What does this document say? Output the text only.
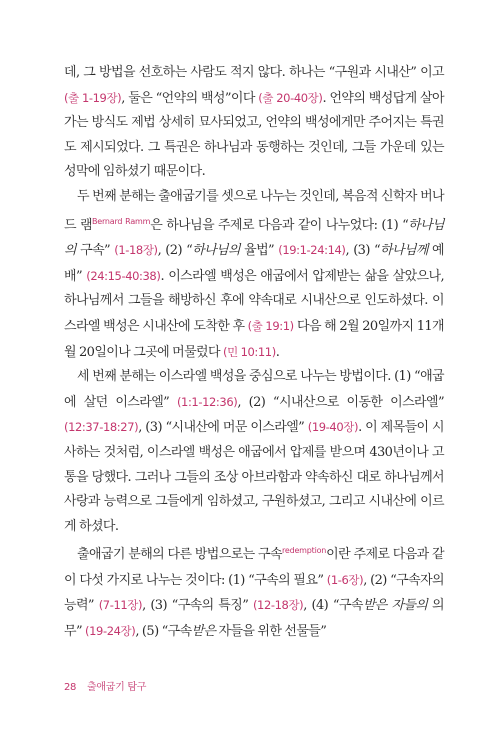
데, 그 방법을 선호하는 사람도 적지 않다. 하나는 “구원과 시내산” 이고(출 1-19장), 둘은 “언약의 백성”이다 (출 20-40장). 언약의 백성답게 살아가는 방식도 제법 상세히 묘사되었고, 언약의 백성에게만 주어지는 특권도 제시되었다. 그 특권은 하나님과 동행하는 것인데, 그들 가운데 있는 성막에 임하셨기 때문이다.

두 번째 분해는 출애굽기를 셋으로 나누는 것인데, 복음적 신학자 버나드 램$^{Bernard Ramm}$은 하나님을 주제로 다음과 같이 나누었다: (1) “하나님의 구속” (1-18장), (2) “하나님의 율법” (19:1-24:14), (3) “하나님께 예배” (24:15-40:38). 이스라엘 백성은 애굽에서 압제받는 삶을 살았으나, 하나님께서 그들을 해방하신 후에 약속대로 시내산으로 인도하셨다. 이스라엘 백성은 시내산에 도착한 후 (출 19:1) 다음 해 2월 20일까지 11개월 20일이나 그곳에 머물렀다 (민 10:11).

세 번째 분해는 이스라엘 백성을 중심으로 나누는 방법이다. (1) “애굽에 살던 이스라엘” (1:1-12:36), (2) “시내산으로 이동한 이스라엘” (12:37-18:27), (3) “시내산에 머문 이스라엘” (19-40장). 이 제목들이 시사하는 것처럼, 이스라엘 백성은 애굽에서 압제를 받으며 430년이나 고통을 당했다. 그러나 그들의 조상 아브라함과 약속하신 대로 하나님께서 사랑과 능력으로 그들에게 임하셨고, 구원하셨고, 그리고 시내산에 이르게 하셨다.

출애굽기 분해의 다른 방법으로는 구속$^{redemption}$이란 주제로 다음과 같이 다섯 가지로 나누는 것이다: (1) “구속의 필요” (1-6장), (2) “구속자의 능력” (7-11장), (3) “구속의 특징” (12-18장), (4) “구속받은 자들의 의무” (19-24장), (5) “구속받은 자들을 위한 선물들”

28 출애굽기 탐구
